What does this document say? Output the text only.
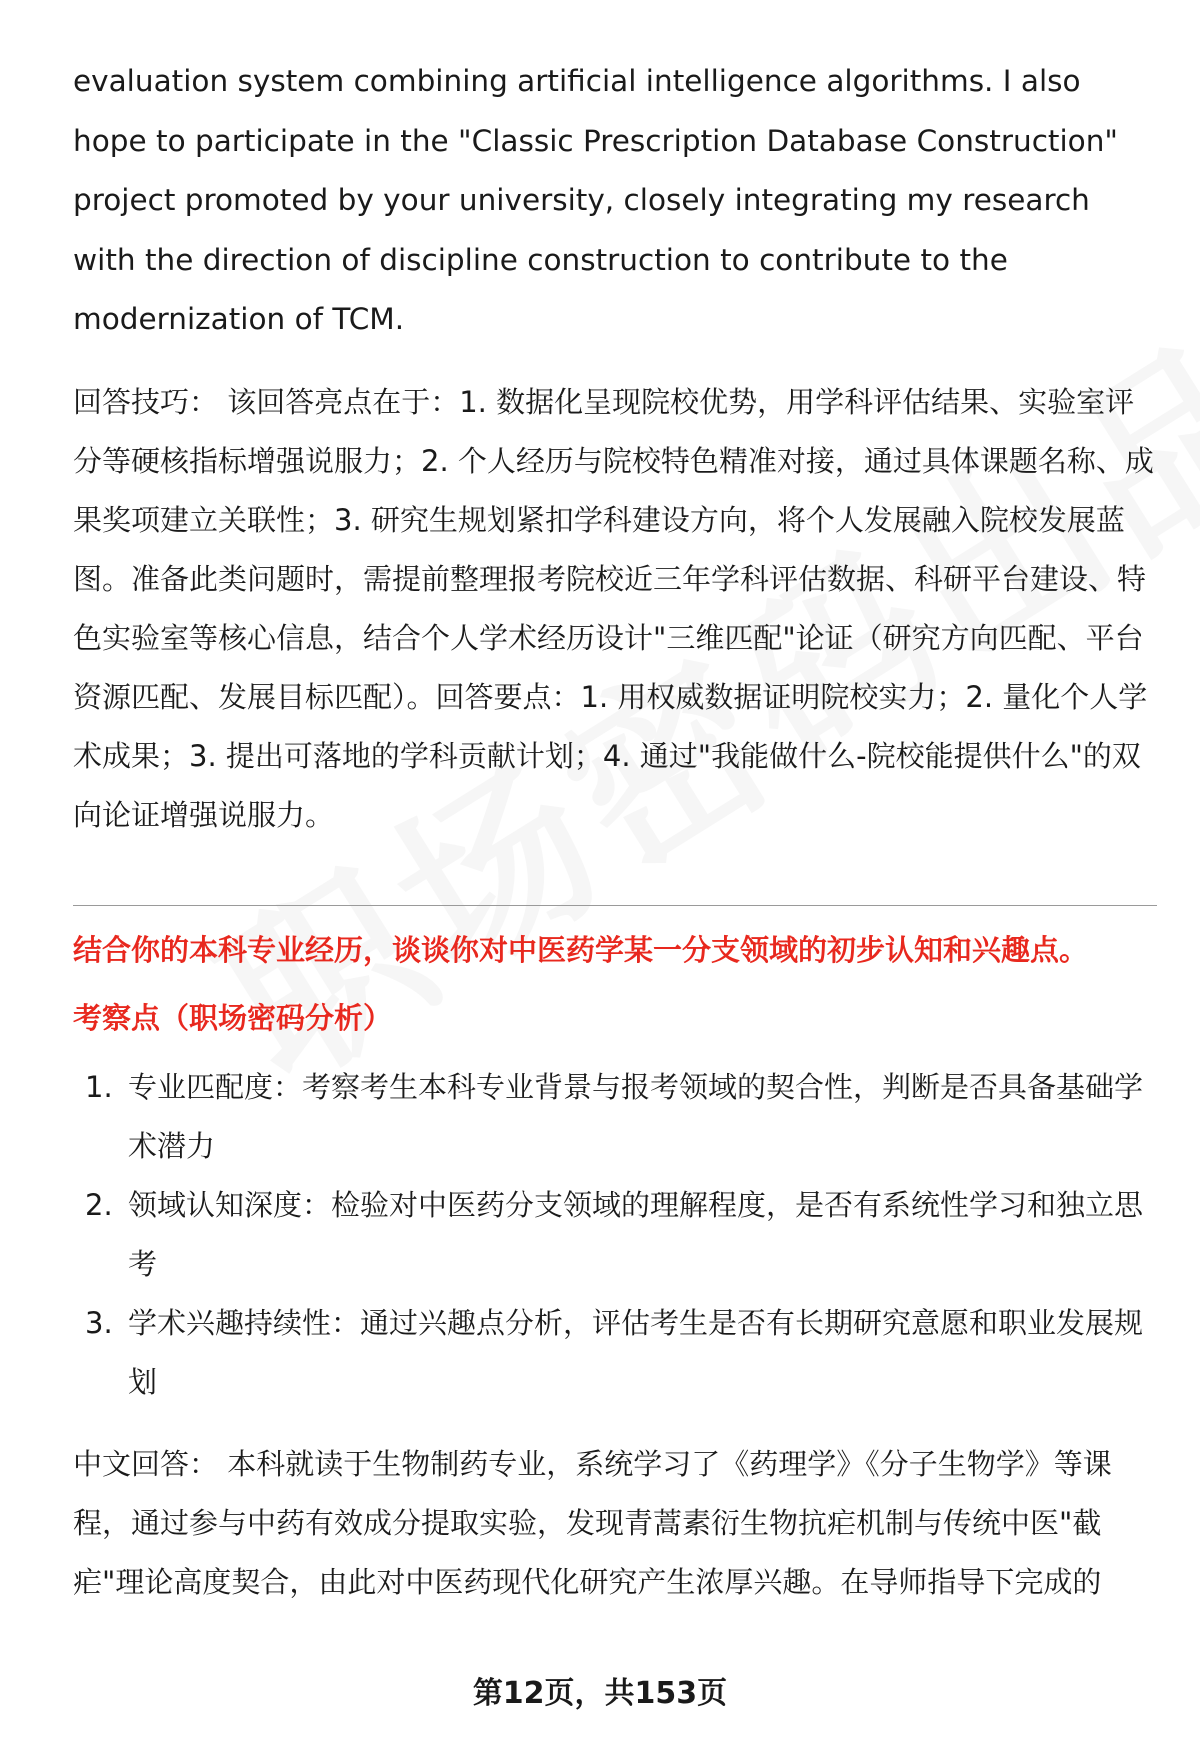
evaluation system combining artificial intelligence algorithms. I also hope to participate in the "Classic Prescription Database Construction" project promoted by your university, closely integrating my research with the direction of discipline construction to contribute to the modernization of TCM.

回答技巧： 该回答亮点在于：1. 数据化呈现院校优势，用学科评估结果、实验室评分等硬核指标增强说服力；2. 个人经历与院校特色精准对接，通过具体课题名称、成果奖项建立关联性；3. 研究生规划紧扣学科建设方向，将个人发展融入院校发展蓝图。准备此类问题时，需提前整理报考院校近三年学科评估数据、科研平台建设、特色实验室等核心信息，结合个人学术经历设计"三维匹配"论证（研究方向匹配、平台资源匹配、发展目标匹配）。回答要点：1. 用权威数据证明院校实力；2. 量化个人学术成果；3. 提出可落地的学科贡献计划；4. 通过"我能做什么-院校能提供什么"的双向论证增强说服力。

结合你的本科专业经历，谈谈你对中医药学某一分支领域的初步认知和兴趣点。

考察点（职场密码分析）

1. 专业匹配度：考察考生本科专业背景与报考领域的契合性，判断是否具备基础学术潜力
2. 领域认知深度：检验对中医药分支领域的理解程度，是否有系统性学习和独立思考
3. 学术兴趣持续性：通过兴趣点分析，评估考生是否有长期研究意愿和职业发展规划

中文回答： 本科就读于生物制药专业，系统学习了《药理学》《分子生物学》等课程，通过参与中药有效成分提取实验，发现青蒿素衍生物抗疟机制与传统中医"截疟"理论高度契合，由此对中医药现代化研究产生浓厚兴趣。在导师指导下完成的

第12页，共153页
